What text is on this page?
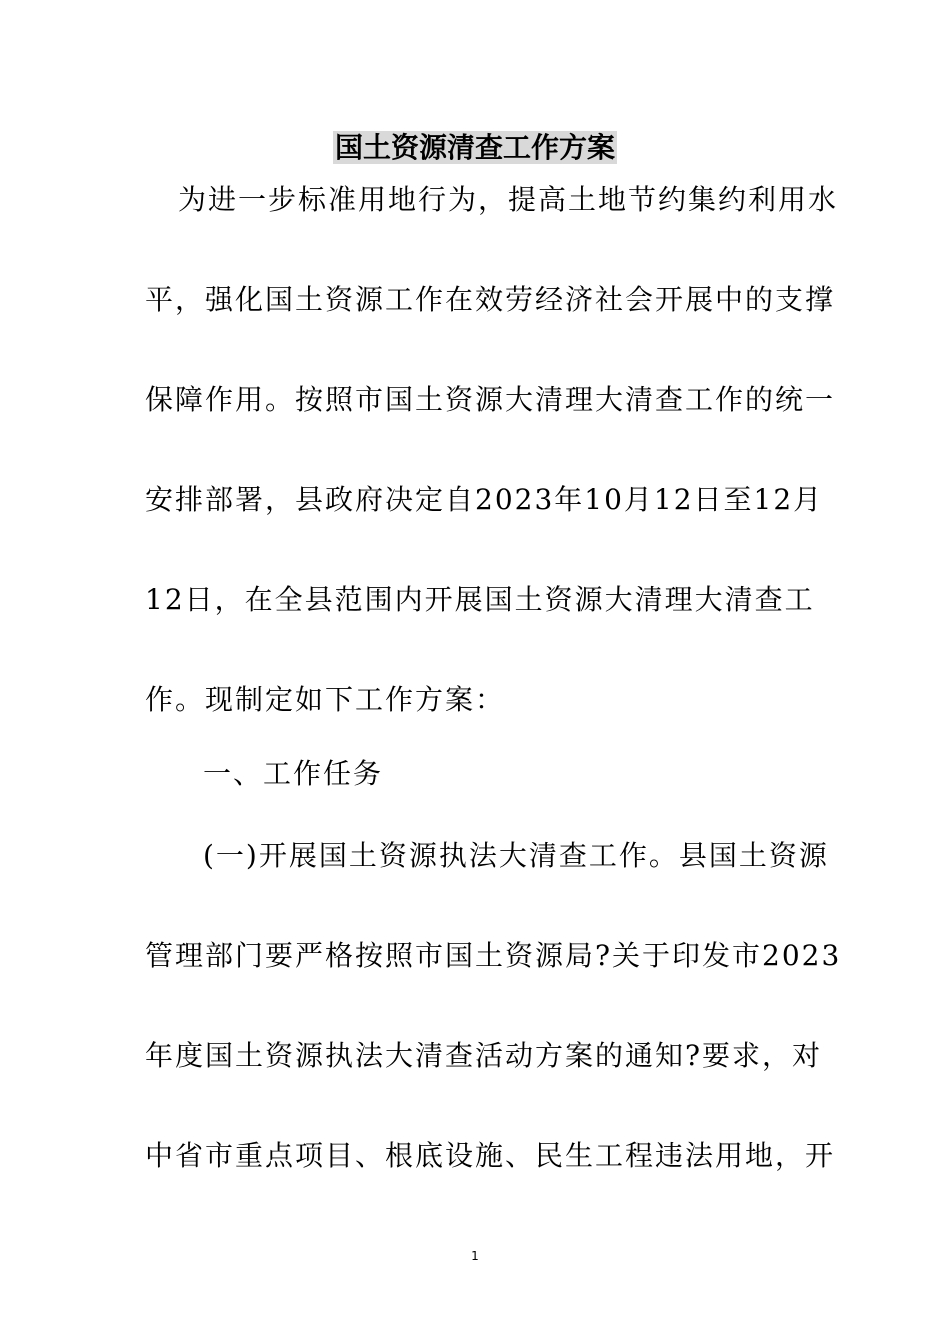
国土资源清查工作方案
为进一步标准用地行为，提高土地节约集约利用水
平，强化国土资源工作在效劳经济社会开展中的支撑
保障作用。按照市国土资源大清理大清查工作的统一
安排部署，县政府决定自2023年10月12日至12月
12日，在全县范围内开展国土资源大清理大清查工
作。现制定如下工作方案：
一、工作任务
(一)开展国土资源执法大清查工作。县国土资源
管理部门要严格按照市国土资源局?关于印发市2023
年度国土资源执法大清查活动方案的通知?要求，对
中省市重点项目、根底设施、民生工程违法用地，开
1
